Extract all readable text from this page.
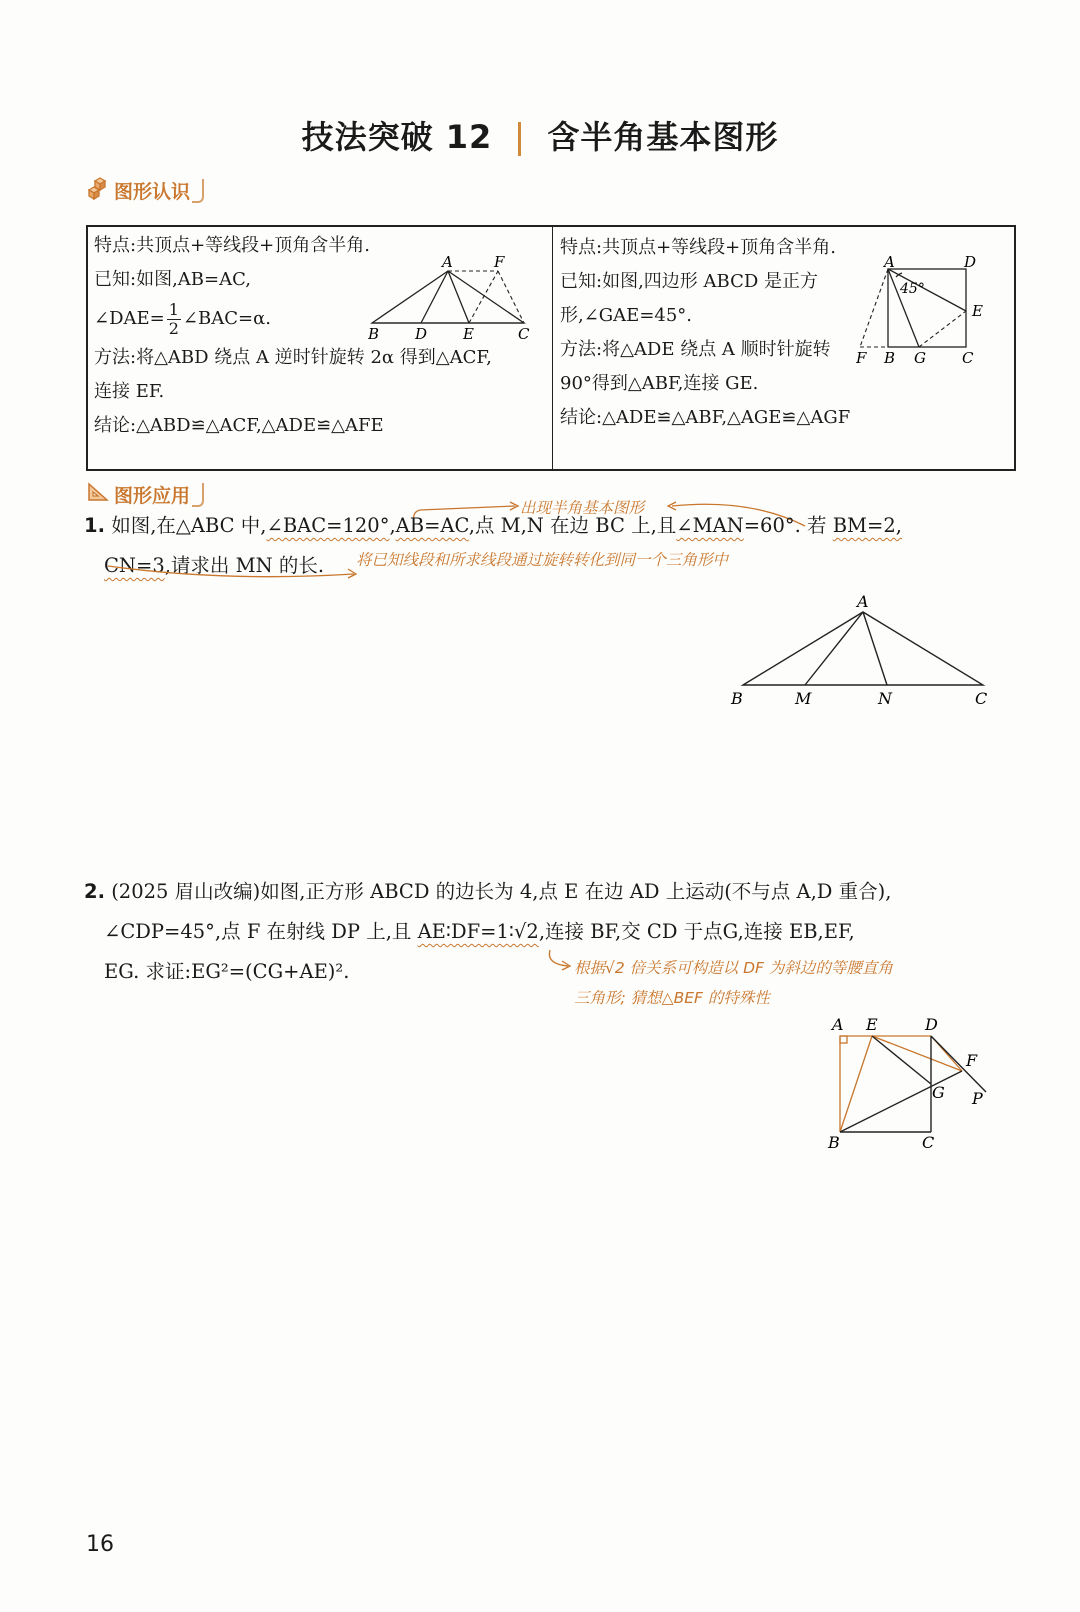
技法突破 12 含半角基本图形
图形认识

特点:共顶点+等线段+顶角含半角.

已知:如图,AB=AC,

∠DAE= $\frac{1}{2}$ ∠BAC=α.

方法:将△ABD 绕点 A 逆时针旋转 2α 得到△ACF,

连接 EF.

结论:△ABD≌△ACF,△ADE≌△AFE

A	F
B D E	C

特点:共顶点+等线段+顶角含半角.

已知:如图,四边形 ABCD 是正方

形,∠GAE=45°.

方法:将△ADE 绕点 A 顺时针旋转

90°得到△ABF,连接 GE.

结论:△ADE≌△ABF,△AGE≌△AGF

A	D
E
F B G C
45°
图形应用
出现半角基本图形

1. 如图,在△ABC 中,∠BAC=120°,AB=AC,点 M,N 在边 BC 上,且∠MAN=60°. 若 BM=2,

CN=3,请求出 MN 的长.	将已知线段和所求线段通过旋转转化到同一个三角形中
A
B	M	N	C

2. (2025 眉山改编)如图,正方形 ABCD 的边长为 4,点 E 在边 AD 上运动(不与点 A,D 重合),

∠CDP=45°,点 F 在射线 DP 上,且 AE∶DF=1∶√2,连接 BF,交 CD 于点G,连接 EB,EF,

EG. 求证:EG²=(CG+AE)².	根据√2 倍关系可构造以 DF 为斜边的等腰直角
三角形; 猜想△BEF 的特殊性
A E	D
F
G P
B	C
16
